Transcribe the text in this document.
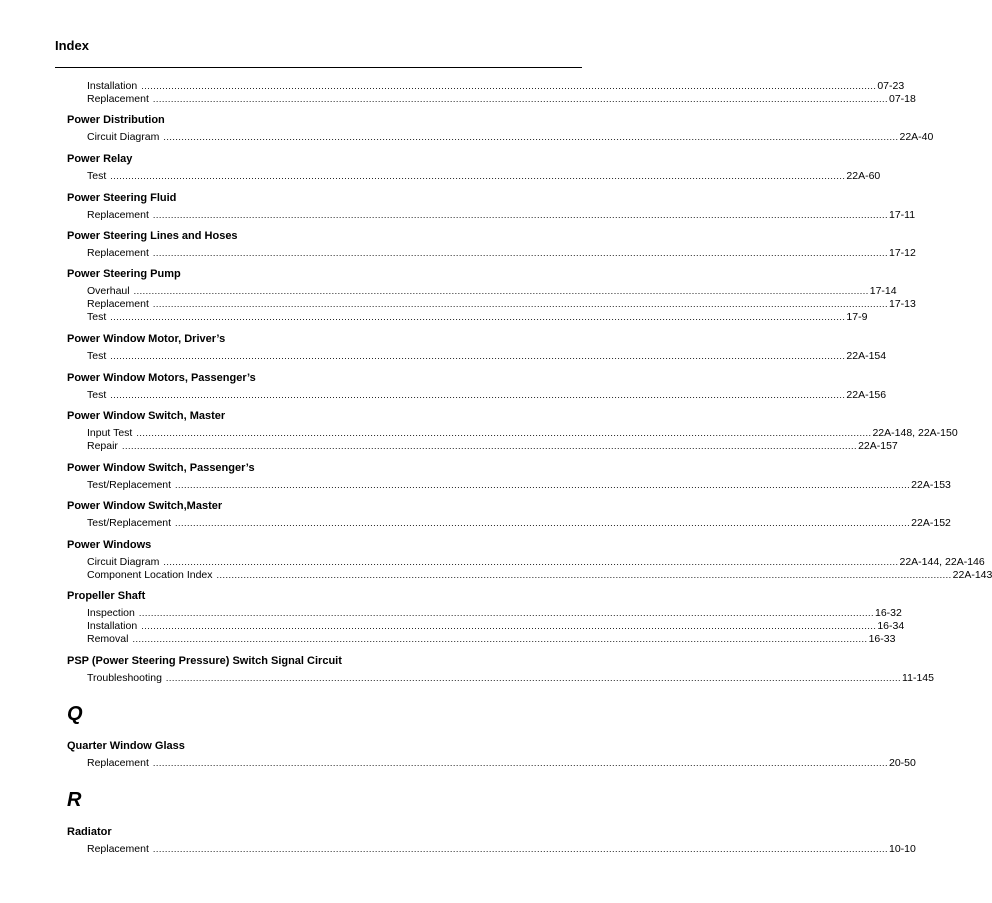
Index
Installation ..................................................................................................................................................................................................................................................... 07-23
Replacement ..................................................................................................................................................................................................................................................... 07-18
Power Distribution
Circuit Diagram ..................................................................................................................................................................................................................................................... 22A-40
Power Relay
Test ..................................................................................................................................................................................................................................................... 22A-60
Power Steering Fluid
Replacement ..................................................................................................................................................................................................................................................... 17-11
Power Steering Lines and Hoses
Replacement ..................................................................................................................................................................................................................................................... 17-12
Power Steering Pump
Overhaul ..................................................................................................................................................................................................................................................... 17-14
Replacement ..................................................................................................................................................................................................................................................... 17-13
Test ..................................................................................................................................................................................................................................................... 17-9
Power Window Motor, Driver’s
Test ..................................................................................................................................................................................................................................................... 22A-154
Power Window Motors, Passenger’s
Test ..................................................................................................................................................................................................................................................... 22A-156
Power Window Switch, Master
Input Test ..................................................................................................................................................................................................................................................... 22A-148, 22A-150
Repair ..................................................................................................................................................................................................................................................... 22A-157
Power Window Switch, Passenger’s
Test/Replacement ..................................................................................................................................................................................................................................................... 22A-153
Power Window Switch,Master
Test/Replacement ..................................................................................................................................................................................................................................................... 22A-152
Power Windows
Circuit Diagram ..................................................................................................................................................................................................................................................... 22A-144, 22A-146
Component Location Index ..................................................................................................................................................................................................................................................... 22A-143
Propeller Shaft
Inspection ..................................................................................................................................................................................................................................................... 16-32
Installation ..................................................................................................................................................................................................................................................... 16-34
Removal ..................................................................................................................................................................................................................................................... 16-33
PSP (Power Steering Pressure) Switch Signal Circuit
Troubleshooting ..................................................................................................................................................................................................................................................... 11-145
Q
Quarter Window Glass
Replacement ..................................................................................................................................................................................................................................................... 20-50
R
Radiator
Replacement ..................................................................................................................................................................................................................................................... 10-10
